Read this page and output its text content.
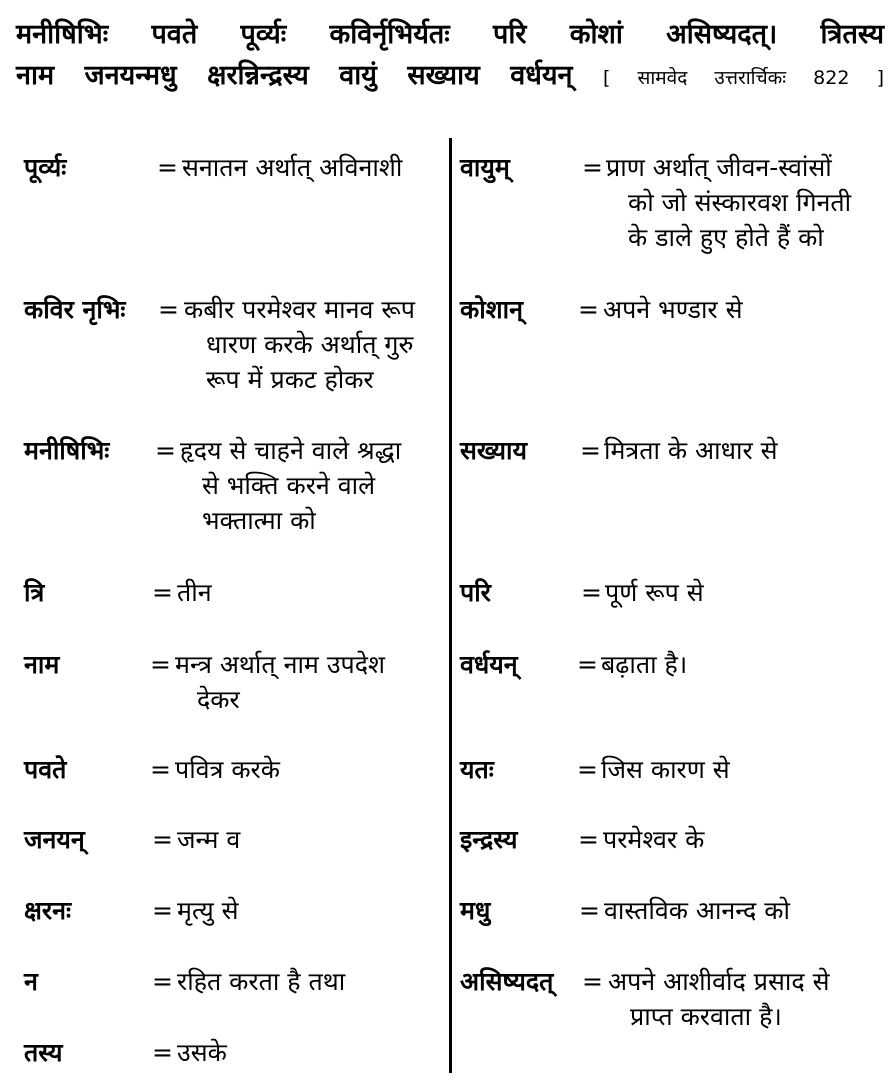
मनीषिभिः पवते पूर्व्यः कविर्नृभिर्यतः परि कोशां असिष्यदत्। त्रितस्य
नाम जनयन्मधु क्षरन्निन्द्रस्य वायुं सख्याय वर्धयन् [ सामवेद उत्तरार्चिकः 822 ]
पूर्व्यः	= सनातन अर्थात् अविनाशी
कविर नृभिः = कबीर परमेश्वर मानव रूप
धारण करके अर्थात् गुरु
रूप में प्रकट होकर
मनीषिभिः = हृदय से चाहने वाले श्रद्धा
से भक्ति करने वाले
भक्तात्मा को
त्रि	= तीन
नाम	= मन्त्र अर्थात् नाम उपदेश
देकर
पवते	= पवित्र करके
जनयन्	= जन्म व
क्षरनः	= मृत्यु से
न	= रहित करता है तथा
तस्य	= उसके
वायुम्	= प्राण अर्थात् जीवन-स्वांसों
को जो संस्कारवश गिनती
के डाले हुए होते हैं को
कोशान् = अपने भण्डार से
सख्याय = मित्रता के आधार से
परि	= पूर्ण रूप से
वर्धयन् = बढ़ाता है।
यतः	= जिस कारण से
इन्द्रस्य = परमेश्वर के
मधु	= वास्तविक आनन्द को
असिष्यदत् = अपने आशीर्वाद प्रसाद से
प्राप्त करवाता है।
